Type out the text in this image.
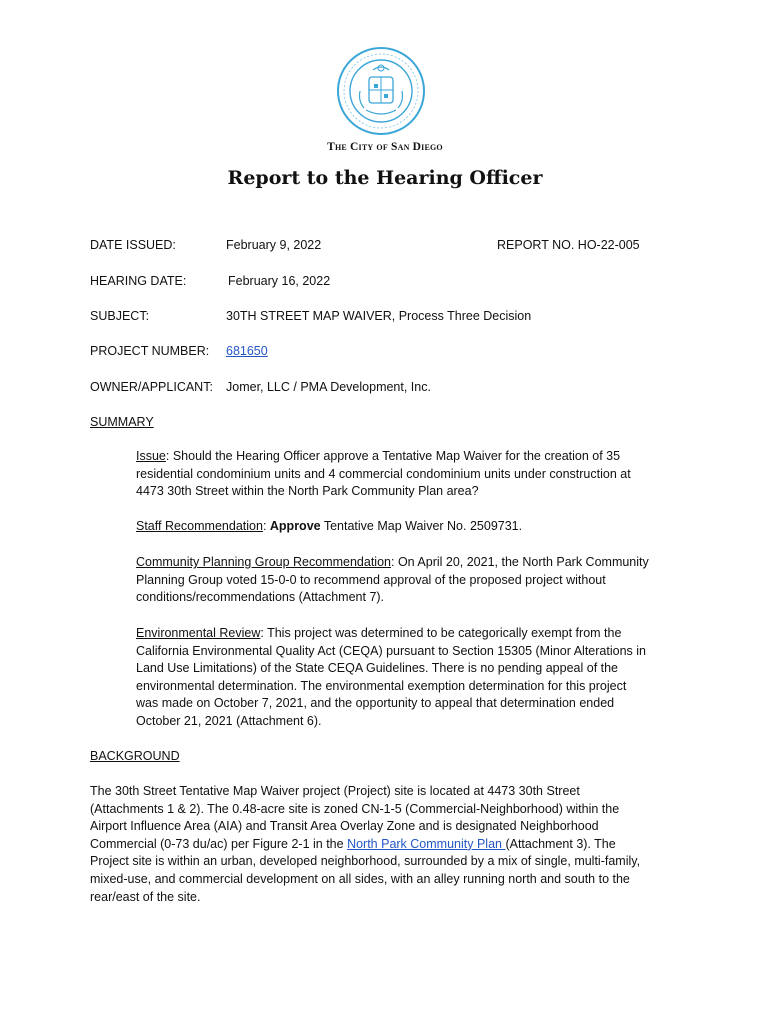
The City of San Diego
Report to the Hearing Officer
DATE ISSUED:	February 9, 2022	REPORT NO. HO-22-005
HEARING DATE:	February 16, 2022
SUBJECT:	30TH STREET MAP WAIVER, Process Three Decision
PROJECT NUMBER: 681650
OWNER/APPLICANT: Jomer, LLC / PMA Development, Inc.
SUMMARY
Issue: Should the Hearing Officer approve a Tentative Map Waiver for the creation of 35
residential condominium units and 4 commercial condominium units under construction at
4473 30th Street within the North Park Community Plan area?
Staff Recommendation: Approve Tentative Map Waiver No. 2509731.
Community Planning Group Recommendation: On April 20, 2021, the North Park Community
Planning Group voted 15-0-0 to recommend approval of the proposed project without
conditions/recommendations (Attachment 7).
Environmental Review: This project was determined to be categorically exempt from the
California Environmental Quality Act (CEQA) pursuant to Section 15305 (Minor Alterations in
Land Use Limitations) of the State CEQA Guidelines. There is no pending appeal of the
environmental determination. The environmental exemption determination for this project
was made on October 7, 2021, and the opportunity to appeal that determination ended
October 21, 2021 (Attachment 6).
BACKGROUND
The 30th Street Tentative Map Waiver project (Project) site is located at 4473 30th Street
(Attachments 1 & 2). The 0.48-acre site is zoned CN-1-5 (Commercial-Neighborhood) within the
Airport Influence Area (AIA) and Transit Area Overlay Zone and is designated Neighborhood
Commercial (0-73 du/ac) per Figure 2-1 in the North Park Community Plan (Attachment 3). The
Project site is within an urban, developed neighborhood, surrounded by a mix of single, multi-family,
mixed-use, and commercial development on all sides, with an alley running north and south to the
rear/east of the site.
